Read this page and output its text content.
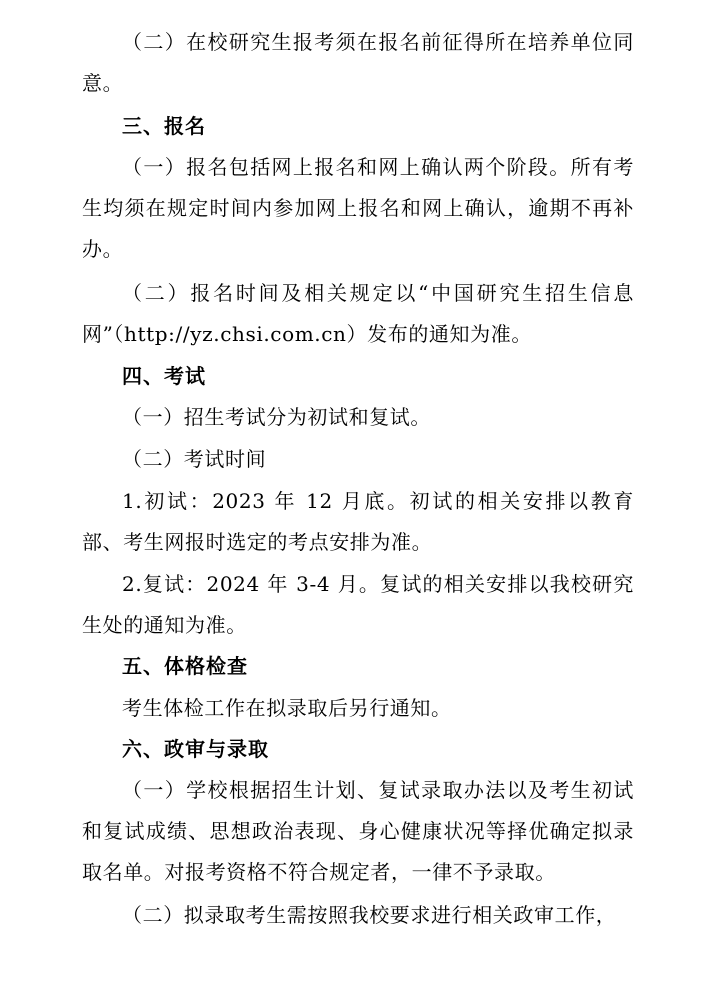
（二）在校研究生报考须在报名前征得所在培养单位同意。

三、报名

（一）报名包括网上报名和网上确认两个阶段。所有考生均须在规定时间内参加网上报名和网上确认，逾期不再补办。

（二）报名时间及相关规定以“中国研究生招生信息网”（http://yz.chsi.com.cn）发布的通知为准。

四、考试

（一）招生考试分为初试和复试。

（二）考试时间

1.初试：2023 年 12 月底。初试的相关安排以教育部、考生网报时选定的考点安排为准。

2.复试：2024 年 3-4 月。复试的相关安排以我校研究生处的通知为准。

五、体格检查

考生体检工作在拟录取后另行通知。

六、政审与录取

（一）学校根据招生计划、复试录取办法以及考生初试和复试成绩、思想政治表现、身心健康状况等择优确定拟录取名单。对报考资格不符合规定者，一律不予录取。

（二）拟录取考生需按照我校要求进行相关政审工作，
